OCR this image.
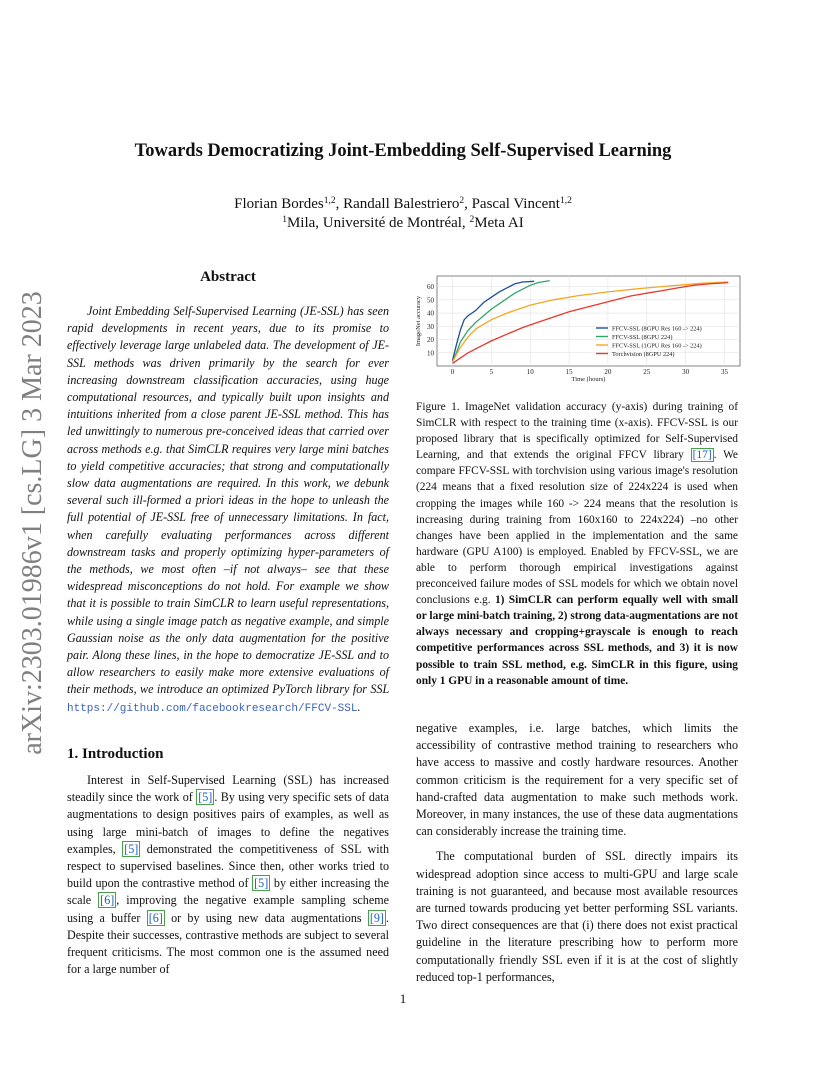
arXiv:2303.01986v1 [cs.LG] 3 Mar 2023
Towards Democratizing Joint-Embedding Self-Supervised Learning
Florian Bordes$^{1,2}$, Randall Balestriero$^2$, Pascal Vincent$^{1,2}$
$^1$Mila, Université de Montréal, $^2$Meta AI
Abstract
Joint Embedding Self-Supervised Learning (JE-SSL) has seen rapid developments in recent years, due to its promise to effectively leverage large unlabeled data. The development of JE-SSL methods was driven primarily by the search for ever increasing downstream classification accuracies, using huge computational resources, and typically built upon insights and intuitions inherited from a close parent JE-SSL method. This has led unwittingly to numerous pre-conceived ideas that carried over across methods e.g. that SimCLR requires very large mini batches to yield competitive accuracies; that strong and computationally slow data augmentations are required. In this work, we debunk several such ill-formed a priori ideas in the hope to unleash the full potential of JE-SSL free of unnecessary limitations. In fact, when carefully evaluating performances across different downstream tasks and properly optimizing hyper-parameters of the methods, we most often –if not always– see that these widespread misconceptions do not hold. For example we show that it is possible to train SimCLR to learn useful representations, while using a single image patch as negative example, and simple Gaussian noise as the only data augmentation for the positive pair. Along these lines, in the hope to democratize JE-SSL and to allow researchers to easily make more extensive evaluations of their methods, we introduce an optimized PyTorch library for SSL https://github.com/facebookresearch/FFCV-SSL.
1. Introduction
Interest in Self-Supervised Learning (SSL) has increased steadily since the work of [5] . By using very specific sets of data augmentations to design positives pairs of examples, as well as using large mini-batch of images to define the negatives examples, [5] demonstrated the competitiveness of SSL with respect to supervised baselines. Since then, other works tried to build upon the contrastive method of [5] by either increasing the scale [6] , improving the negative example sampling scheme using a buffer [6] or by using new data augmentations [9] . Despite their successes, contrastive methods are subject to several frequent criticisms. The most common one is the assumed need for a large number of
10
20
30
40
50
60
0	5	10	15	20	25	30	35
Time (hours)
ImageNet accuracy	FFCV-SSL (8GPU Res 160 -> 224)
FFCV-SSL (8GPU 224)
FFCV-SSL (1GPU Res 160 -> 224)
Torchvision (8GPU 224)
Figure 1. ImageNet validation accuracy (y-axis) during training of SimCLR with respect to the training time (x-axis). FFCV-SSL is our proposed library that is specifically optimized for Self-Supervised Learning, and that extends the original FFCV library [17] . We compare FFCV-SSL with torchvision using various image's resolution (224 means that a fixed resolution size of 224x224 is used when cropping the images while 160 -> 224 means that the resolution is increasing during training from 160x160 to 224x224) –no other changes have been applied in the implementation and the same hardware (GPU A100) is employed. Enabled by FFCV-SSL, we are able to perform thorough empirical investigations against preconceived failure modes of SSL models for which we obtain novel conclusions e.g. 1) SimCLR can perform equally well with small or large mini-batch training, 2) strong data-augmentations are not always necessary and cropping+grayscale is enough to reach competitive performances across SSL methods, and 3) it is now possible to train SSL method, e.g. SimCLR in this figure, using only 1 GPU in a reasonable amount of time.

negative examples, i.e. large batches, which limits the accessibility of contrastive method training to researchers who have access to massive and costly hardware resources. Another common criticism is the requirement for a very specific set of hand-crafted data augmentation to make such methods work. Moreover, in many instances, the use of these data augmentations can considerably increase the training time.

The computational burden of SSL directly impairs its widespread adoption since access to multi-GPU and large scale training is not guaranteed, and because most available resources are turned towards producing yet better performing SSL variants. Two direct consequences are that (i) there does not exist practical guideline in the literature prescribing how to perform more computationally friendly SSL even if it is at the cost of slightly reduced top-1 performances,

1
